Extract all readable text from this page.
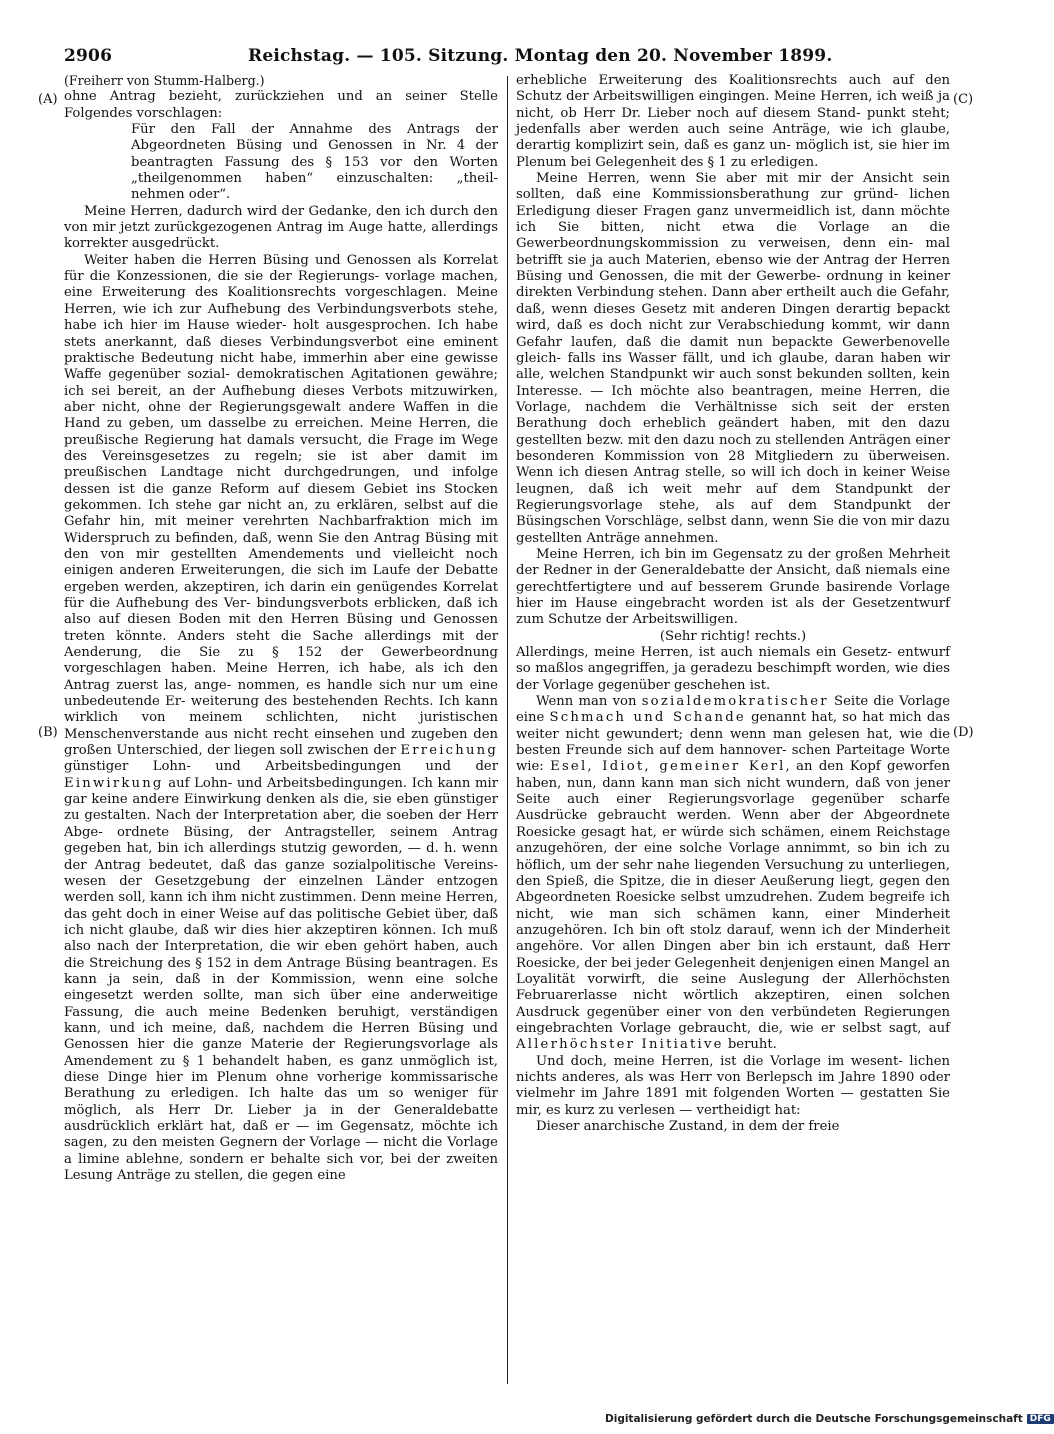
2906	Reichstag. — 105. Sitzung. Montag den 20. November 1899.
(A)
(B)
(C)
(D)

(Freiherr von Stumm-Halberg.)

ohne Antrag bezieht, zurückziehen und an seiner Stelle Folgendes vorschlagen:

Für den Fall der Annahme des Antrags der Abgeordneten Büsing und Genossen in Nr. 4 der beantragten Fassung des § 153 vor den Worten „theilgenommen haben“ einzuschalten: „theil- nehmen oder“.

Meine Herren, dadurch wird der Gedanke, den ich durch den von mir jetzt zurückgezogenen Antrag im Auge hatte, allerdings korrekter ausgedrückt.

Weiter haben die Herren Büsing und Genossen als Korrelat für die Konzessionen, die sie der Regierungs- vorlage machen, eine Erweiterung des Koalitionsrechts vorgeschlagen. Meine Herren, wie ich zur Aufhebung des Verbindungsverbots stehe, habe ich hier im Hause wieder- holt ausgesprochen. Ich habe stets anerkannt, daß dieses Verbindungsverbot eine eminent praktische Bedeutung nicht habe, immerhin aber eine gewisse Waffe gegenüber sozial- demokratischen Agitationen gewähre; ich sei bereit, an der Aufhebung dieses Verbots mitzuwirken, aber nicht, ohne der Regierungsgewalt andere Waffen in die Hand zu geben, um dasselbe zu erreichen. Meine Herren, die preußische Regierung hat damals versucht, die Frage im Wege des Vereinsgesetzes zu regeln; sie ist aber damit im preußischen Landtage nicht durchgedrungen, und infolge dessen ist die ganze Reform auf diesem Gebiet ins Stocken gekommen. Ich stehe gar nicht an, zu erklären, selbst auf die Gefahr hin, mit meiner verehrten Nachbarfraktion mich im Widerspruch zu befinden, daß, wenn Sie den Antrag Büsing mit den von mir gestellten Amendements und vielleicht noch einigen anderen Erweiterungen, die sich im Laufe der Debatte ergeben werden, akzeptiren, ich darin ein genügendes Korrelat für die Aufhebung des Ver- bindungsverbots erblicken, daß ich also auf diesen Boden mit den Herren Büsing und Genossen treten könnte. Anders steht die Sache allerdings mit der Aenderung, die Sie zu § 152 der Gewerbeordnung vorgeschlagen haben. Meine Herren, ich habe, als ich den Antrag zuerst las, ange- nommen, es handle sich nur um eine unbedeutende Er- weiterung des bestehenden Rechts. Ich kann wirklich von meinem schlichten, nicht juristischen Menschenverstande aus nicht recht einsehen und zugeben den großen Unterschied, der liegen soll zwischen der Erreichung günstiger Lohn- und Arbeitsbedingungen und der Einwirkung auf Lohn- und Arbeitsbedingungen. Ich kann mir gar keine andere Einwirkung denken als die, sie eben günstiger zu gestalten. Nach der Interpretation aber, die soeben der Herr Abge- ordnete Büsing, der Antragsteller, seinem Antrag gegeben hat, bin ich allerdings stutzig geworden, — d. h. wenn der Antrag bedeutet, daß das ganze sozialpolitische Vereins- wesen der Gesetzgebung der einzelnen Länder entzogen werden soll, kann ich ihm nicht zustimmen. Denn meine Herren, das geht doch in einer Weise auf das politische Gebiet über, daß ich nicht glaube, daß wir dies hier akzeptiren können. Ich muß also nach der Interpretation, die wir eben gehört haben, auch die Streichung des § 152 in dem Antrage Büsing beantragen. Es kann ja sein, daß in der Kommission, wenn eine solche eingesetzt werden sollte, man sich über eine anderweitige Fassung, die auch meine Bedenken beruhigt, verständigen kann, und ich meine, daß, nachdem die Herren Büsing und Genossen hier die ganze Materie der Regierungsvorlage als Amendement zu § 1 behandelt haben, es ganz unmöglich ist, diese Dinge hier im Plenum ohne vorherige kommissarische Berathung zu erledigen. Ich halte das um so weniger für möglich, als Herr Dr. Lieber ja in der Generaldebatte ausdrücklich erklärt hat, daß er — im Gegensatz, möchte ich sagen, zu den meisten Gegnern der Vorlage — nicht die Vorlage a limine ablehne, sondern er behalte sich vor, bei der zweiten Lesung Anträge zu stellen, die gegen eine

erhebliche Erweiterung des Koalitionsrechts auch auf den Schutz der Arbeitswilligen eingingen. Meine Herren, ich weiß ja nicht, ob Herr Dr. Lieber noch auf diesem Stand- punkt steht; jedenfalls aber werden auch seine Anträge, wie ich glaube, derartig komplizirt sein, daß es ganz un- möglich ist, sie hier im Plenum bei Gelegenheit des § 1 zu erledigen.

Meine Herren, wenn Sie aber mit mir der Ansicht sein sollten, daß eine Kommissionsberathung zur gründ- lichen Erledigung dieser Fragen ganz unvermeidlich ist, dann möchte ich Sie bitten, nicht etwa die Vorlage an die Gewerbeordnungskommission zu verweisen, denn ein- mal betrifft sie ja auch Materien, ebenso wie der Antrag der Herren Büsing und Genossen, die mit der Gewerbe- ordnung in keiner direkten Verbindung stehen. Dann aber ertheilt auch die Gefahr, daß, wenn dieses Gesetz mit anderen Dingen derartig bepackt wird, daß es doch nicht zur Verabschiedung kommt, wir dann Gefahr laufen, daß die damit nun bepackte Gewerbenovelle gleich- falls ins Wasser fällt, und ich glaube, daran haben wir alle, welchen Standpunkt wir auch sonst bekunden sollten, kein Interesse. — Ich möchte also beantragen, meine Herren, die Vorlage, nachdem die Verhältnisse sich seit der ersten Berathung doch erheblich geändert haben, mit den dazu gestellten bezw. mit den dazu noch zu stellenden Anträgen einer besonderen Kommission von 28 Mitgliedern zu überweisen. Wenn ich diesen Antrag stelle, so will ich doch in keiner Weise leugnen, daß ich weit mehr auf dem Standpunkt der Regierungsvorlage stehe, als auf dem Standpunkt der Büsingschen Vorschläge, selbst dann, wenn Sie die von mir dazu gestellten Anträge annehmen.

Meine Herren, ich bin im Gegensatz zu der großen Mehrheit der Redner in der Generaldebatte der Ansicht, daß niemals eine gerechtfertigtere und auf besserem Grunde basirende Vorlage hier im Hause eingebracht worden ist als der Gesetzentwurf zum Schutze der Arbeitswilligen.

(Sehr richtig! rechts.)

Allerdings, meine Herren, ist auch niemals ein Gesetz- entwurf so maßlos angegriffen, ja geradezu beschimpft worden, wie dies der Vorlage gegenüber geschehen ist.

Wenn man von sozialdemokratischer Seite die Vorlage eine Schmach und Schande genannt hat, so hat mich das weiter nicht gewundert; denn wenn man gelesen hat, wie die besten Freunde sich auf dem hannover- schen Parteitage Worte wie: Esel, Idiot, gemeiner Kerl, an den Kopf geworfen haben, nun, dann kann man sich nicht wundern, daß von jener Seite auch einer Regierungsvorlage gegenüber scharfe Ausdrücke gebraucht werden. Wenn aber der Abgeordnete Roesicke gesagt hat, er würde sich schämen, einem Reichstage anzugehören, der eine solche Vorlage annimmt, so bin ich zu höflich, um der sehr nahe liegenden Versuchung zu unterliegen, den Spieß, die Spitze, die in dieser Aeußerung liegt, gegen den Abgeordneten Roesicke selbst umzudrehen. Zudem begreife ich nicht, wie man sich schämen kann, einer Minderheit anzugehören. Ich bin oft stolz darauf, wenn ich der Minderheit angehöre. Vor allen Dingen aber bin ich erstaunt, daß Herr Roesicke, der bei jeder Gelegenheit denjenigen einen Mangel an Loyalität vorwirft, die seine Auslegung der Allerhöchsten Februarerlasse nicht wörtlich akzeptiren, einen solchen Ausdruck gegenüber einer von den verbündeten Regierungen eingebrachten Vorlage gebraucht, die, wie er selbst sagt, auf Allerhöchster Initiative beruht.

Und doch, meine Herren, ist die Vorlage im wesent- lichen nichts anderes, als was Herr von Berlepsch im Jahre 1890 oder vielmehr im Jahre 1891 mit folgenden Worten — gestatten Sie mir, es kurz zu verlesen — vertheidigt hat:

Dieser anarchische Zustand, in dem der freie

Digitalisierung gefördert durch die Deutsche Forschungsgemeinschaft DFG
